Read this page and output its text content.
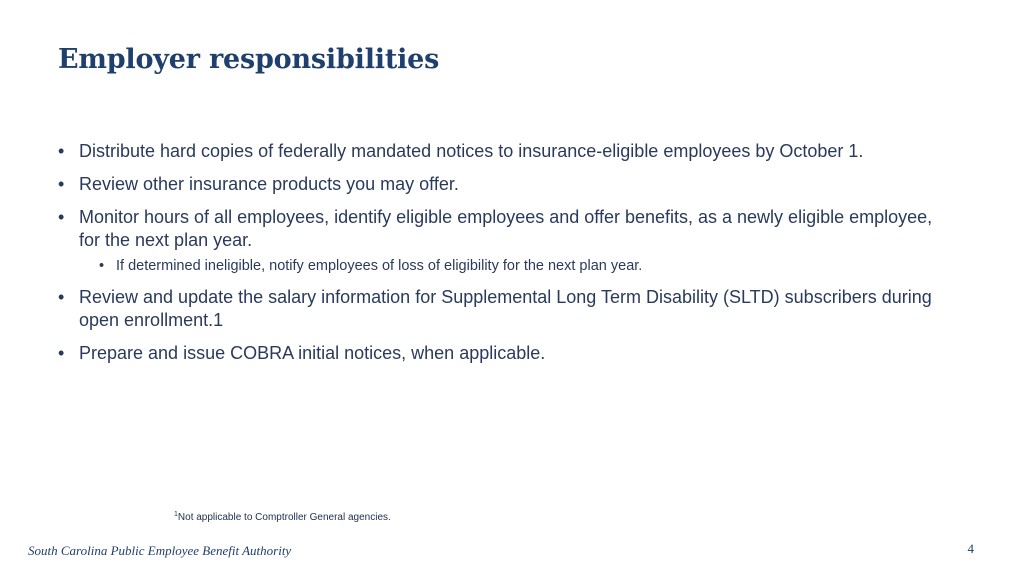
Employer responsibilities
• Distribute hard copies of federally mandated notices to insurance-eligible employees by October 1.
• Review other insurance products you may offer.
• Monitor hours of all employees, identify eligible employees and offer benefits, as a newly eligible employee, for the next plan year.
• If determined ineligible, notify employees of loss of eligibility for the next plan year.
• Review and update the salary information for Supplemental Long Term Disability (SLTD) subscribers during open enrollment.1
• Prepare and issue COBRA initial notices, when applicable.
$^1$Not applicable to Comptroller General agencies.
South Carolina Public Employee Benefit Authority	4
